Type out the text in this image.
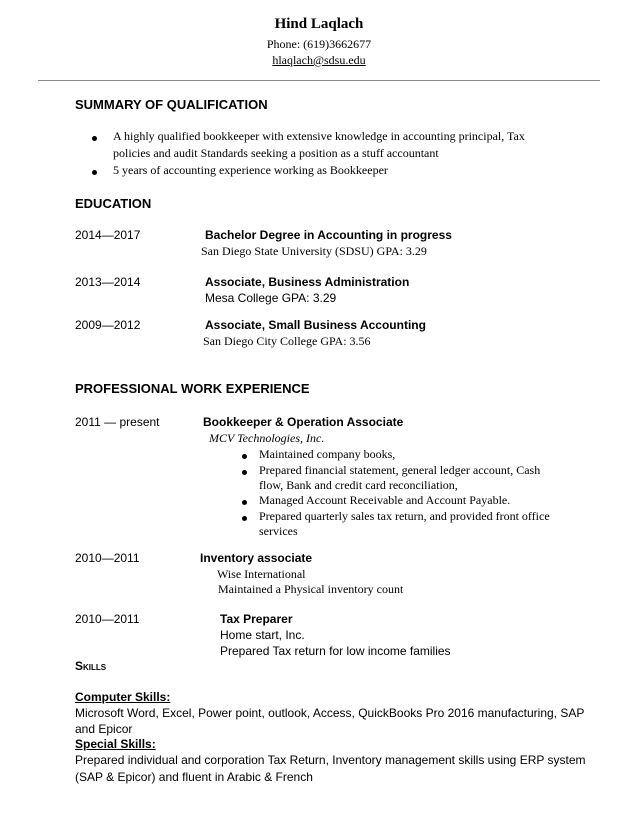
Hind Laqlach
Phone: (619)3662677
hlaqlach@sdsu.edu
SUMMARY OF QUALIFICATION
A highly qualified bookkeeper with extensive knowledge in accounting principal, Tax
policies and audit Standards seeking a position as a stuff accountant
5 years of accounting experience working as Bookkeeper
EDUCATION
2014—2017	Bachelor Degree in Accounting in progress
San Diego State University (SDSU) GPA: 3.29
2013—2014	Associate, Business Administration
Mesa College GPA: 3.29
2009—2012	Associate, Small Business Accounting
San Diego City College GPA: 3.56
PROFESSIONAL WORK EXPERIENCE
2011 — present	Bookkeeper & Operation Associate
MCV Technologies, Inc.
Maintained company books,
Prepared financial statement, general ledger account, Cash
flow, Bank and credit card reconciliation,
Managed Account Receivable and Account Payable.
Prepared quarterly sales tax return, and provided front office
services
2010—2011	Inventory associate
Wise International
Maintained a Physical inventory count
2010—2011	Tax Preparer
Home start, Inc.
Prepared Tax return for low income families
Skills
Computer Skills:
Microsoft Word, Excel, Power point, outlook, Access, QuickBooks Pro 2016 manufacturing, SAP
and Epicor
Special Skills:
Prepared individual and corporation Tax Return, Inventory management skills using ERP system
(SAP & Epicor) and fluent in Arabic & French
